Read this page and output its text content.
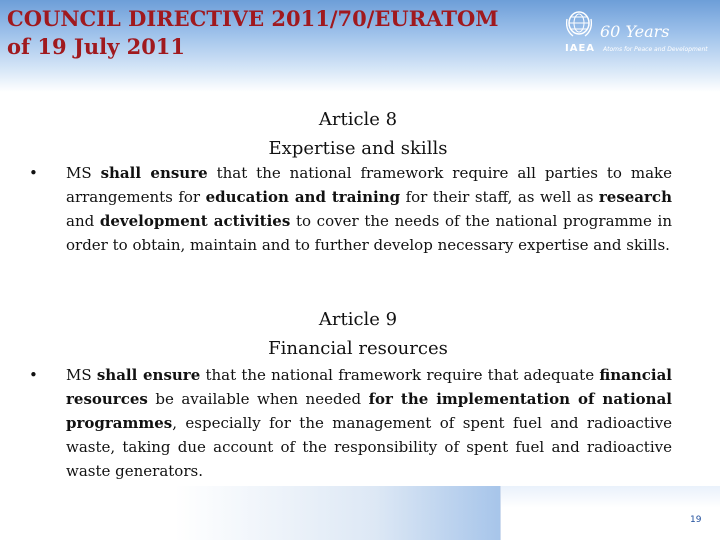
COUNCIL DIRECTIVE 2011/70/EURATOM
of 19 July 2011	IAEA
60 Years
Atoms for Peace and Development
Article 8
Expertise and skills
• MS shall ensure that the national framework require all parties to make arrangements for education and training for their staff, as well as research and development activities to cover the needs of the national programme in order to obtain, maintain and to further develop necessary expertise and skills.

Article 9
Financial resources
• MS shall ensure that the national framework require that adequate financial resources be available when needed for the implementation of national programmes, especially for the management of spent fuel and radioactive waste, taking due account of the responsibility of spent fuel and radioactive waste generators.

19
